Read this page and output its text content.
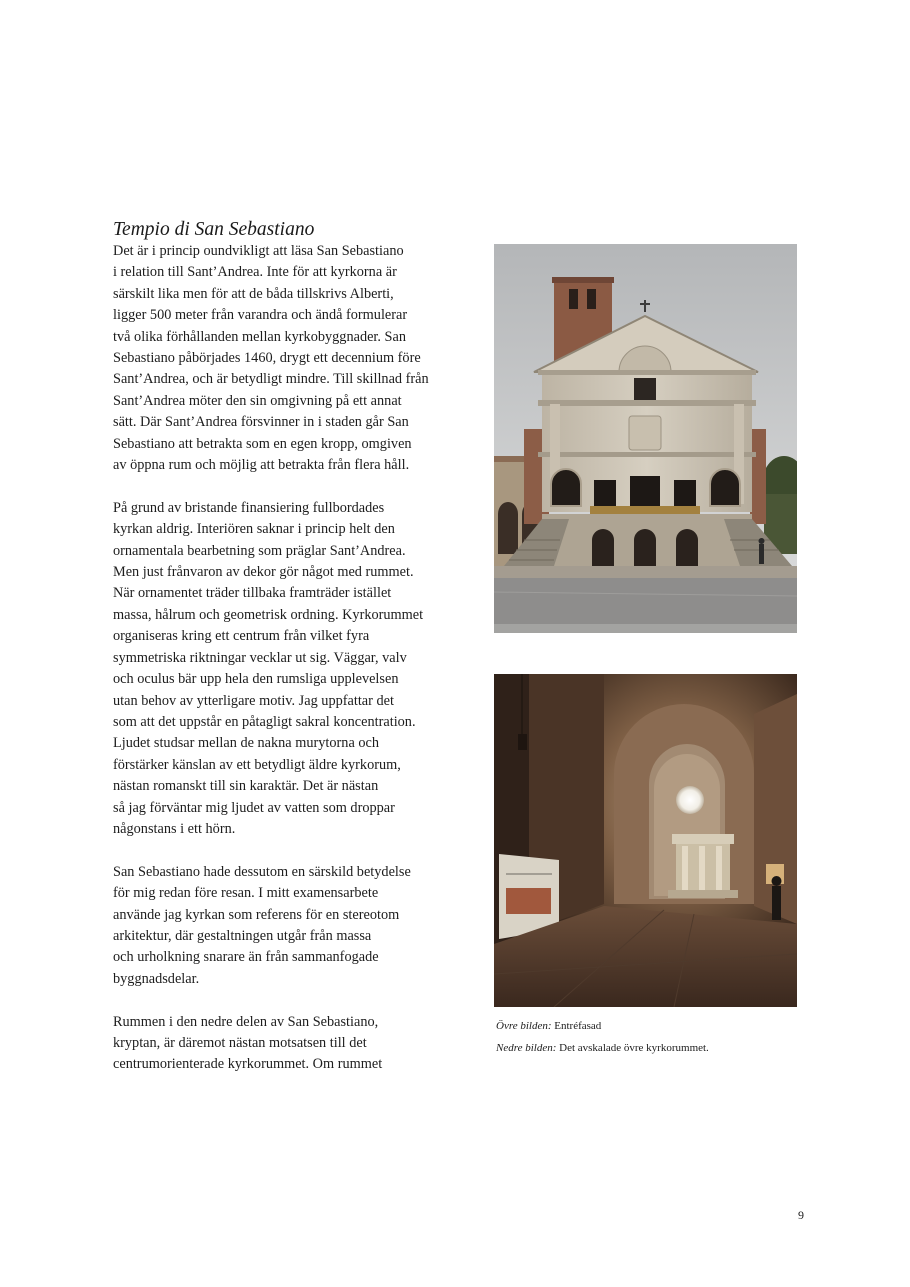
Tempio di San Sebastiano

Det är i princip oundvikligt att läsa San Sebastiano
i relation till Sant’Andrea. Inte för att kyrkorna är
särskilt lika men för att de båda tillskrivs Alberti,
ligger 500 meter från varandra och ändå formulerar
två olika förhållanden mellan kyrkobyggnader. San
Sebastiano påbörjades 1460, drygt ett decennium före
Sant’Andrea, och är betydligt mindre. Till skillnad från
Sant’Andrea möter den sin omgivning på ett annat
sätt. Där Sant’Andrea försvinner in i staden går San
Sebastiano att betrakta som en egen kropp, omgiven
av öppna rum och möjlig att betrakta från flera håll.

På grund av bristande finansiering fullbordades
kyrkan aldrig. Interiören saknar i princip helt den
ornamentala bearbetning som präglar Sant’Andrea.
Men just frånvaron av dekor gör något med rummet.
När ornamentet träder tillbaka framträder istället
massa, hålrum och geometrisk ordning. Kyrkorummet
organiseras kring ett centrum från vilket fyra
symmetriska riktningar vecklar ut sig. Väggar, valv
och oculus bär upp hela den rumsliga upplevelsen
utan behov av ytterligare motiv. Jag uppfattar det
som att det uppstår en påtagligt sakral koncentration.
Ljudet studsar mellan de nakna murytorna och
förstärker känslan av ett betydligt äldre kyrkorum,
nästan romanskt till sin karaktär. Det är nästan
så jag förväntar mig ljudet av vatten som droppar
någonstans i ett hörn.

San Sebastiano hade dessutom en särskild betydelse
för mig redan före resan. I mitt examensarbete
använde jag kyrkan som referens för en stereotom
arkitektur, där gestaltningen utgår från massa
och urholkning snarare än från sammanfogade
byggnadsdelar.

Rummen i den nedre delen av San Sebastiano,
kryptan, är däremot nästan motsatsen till det
centrumorienterade kyrkorummet. Om rummet

Övre bilden: Entréfasad
Nedre bilden: Det avskalade övre kyrkorummet.
9
